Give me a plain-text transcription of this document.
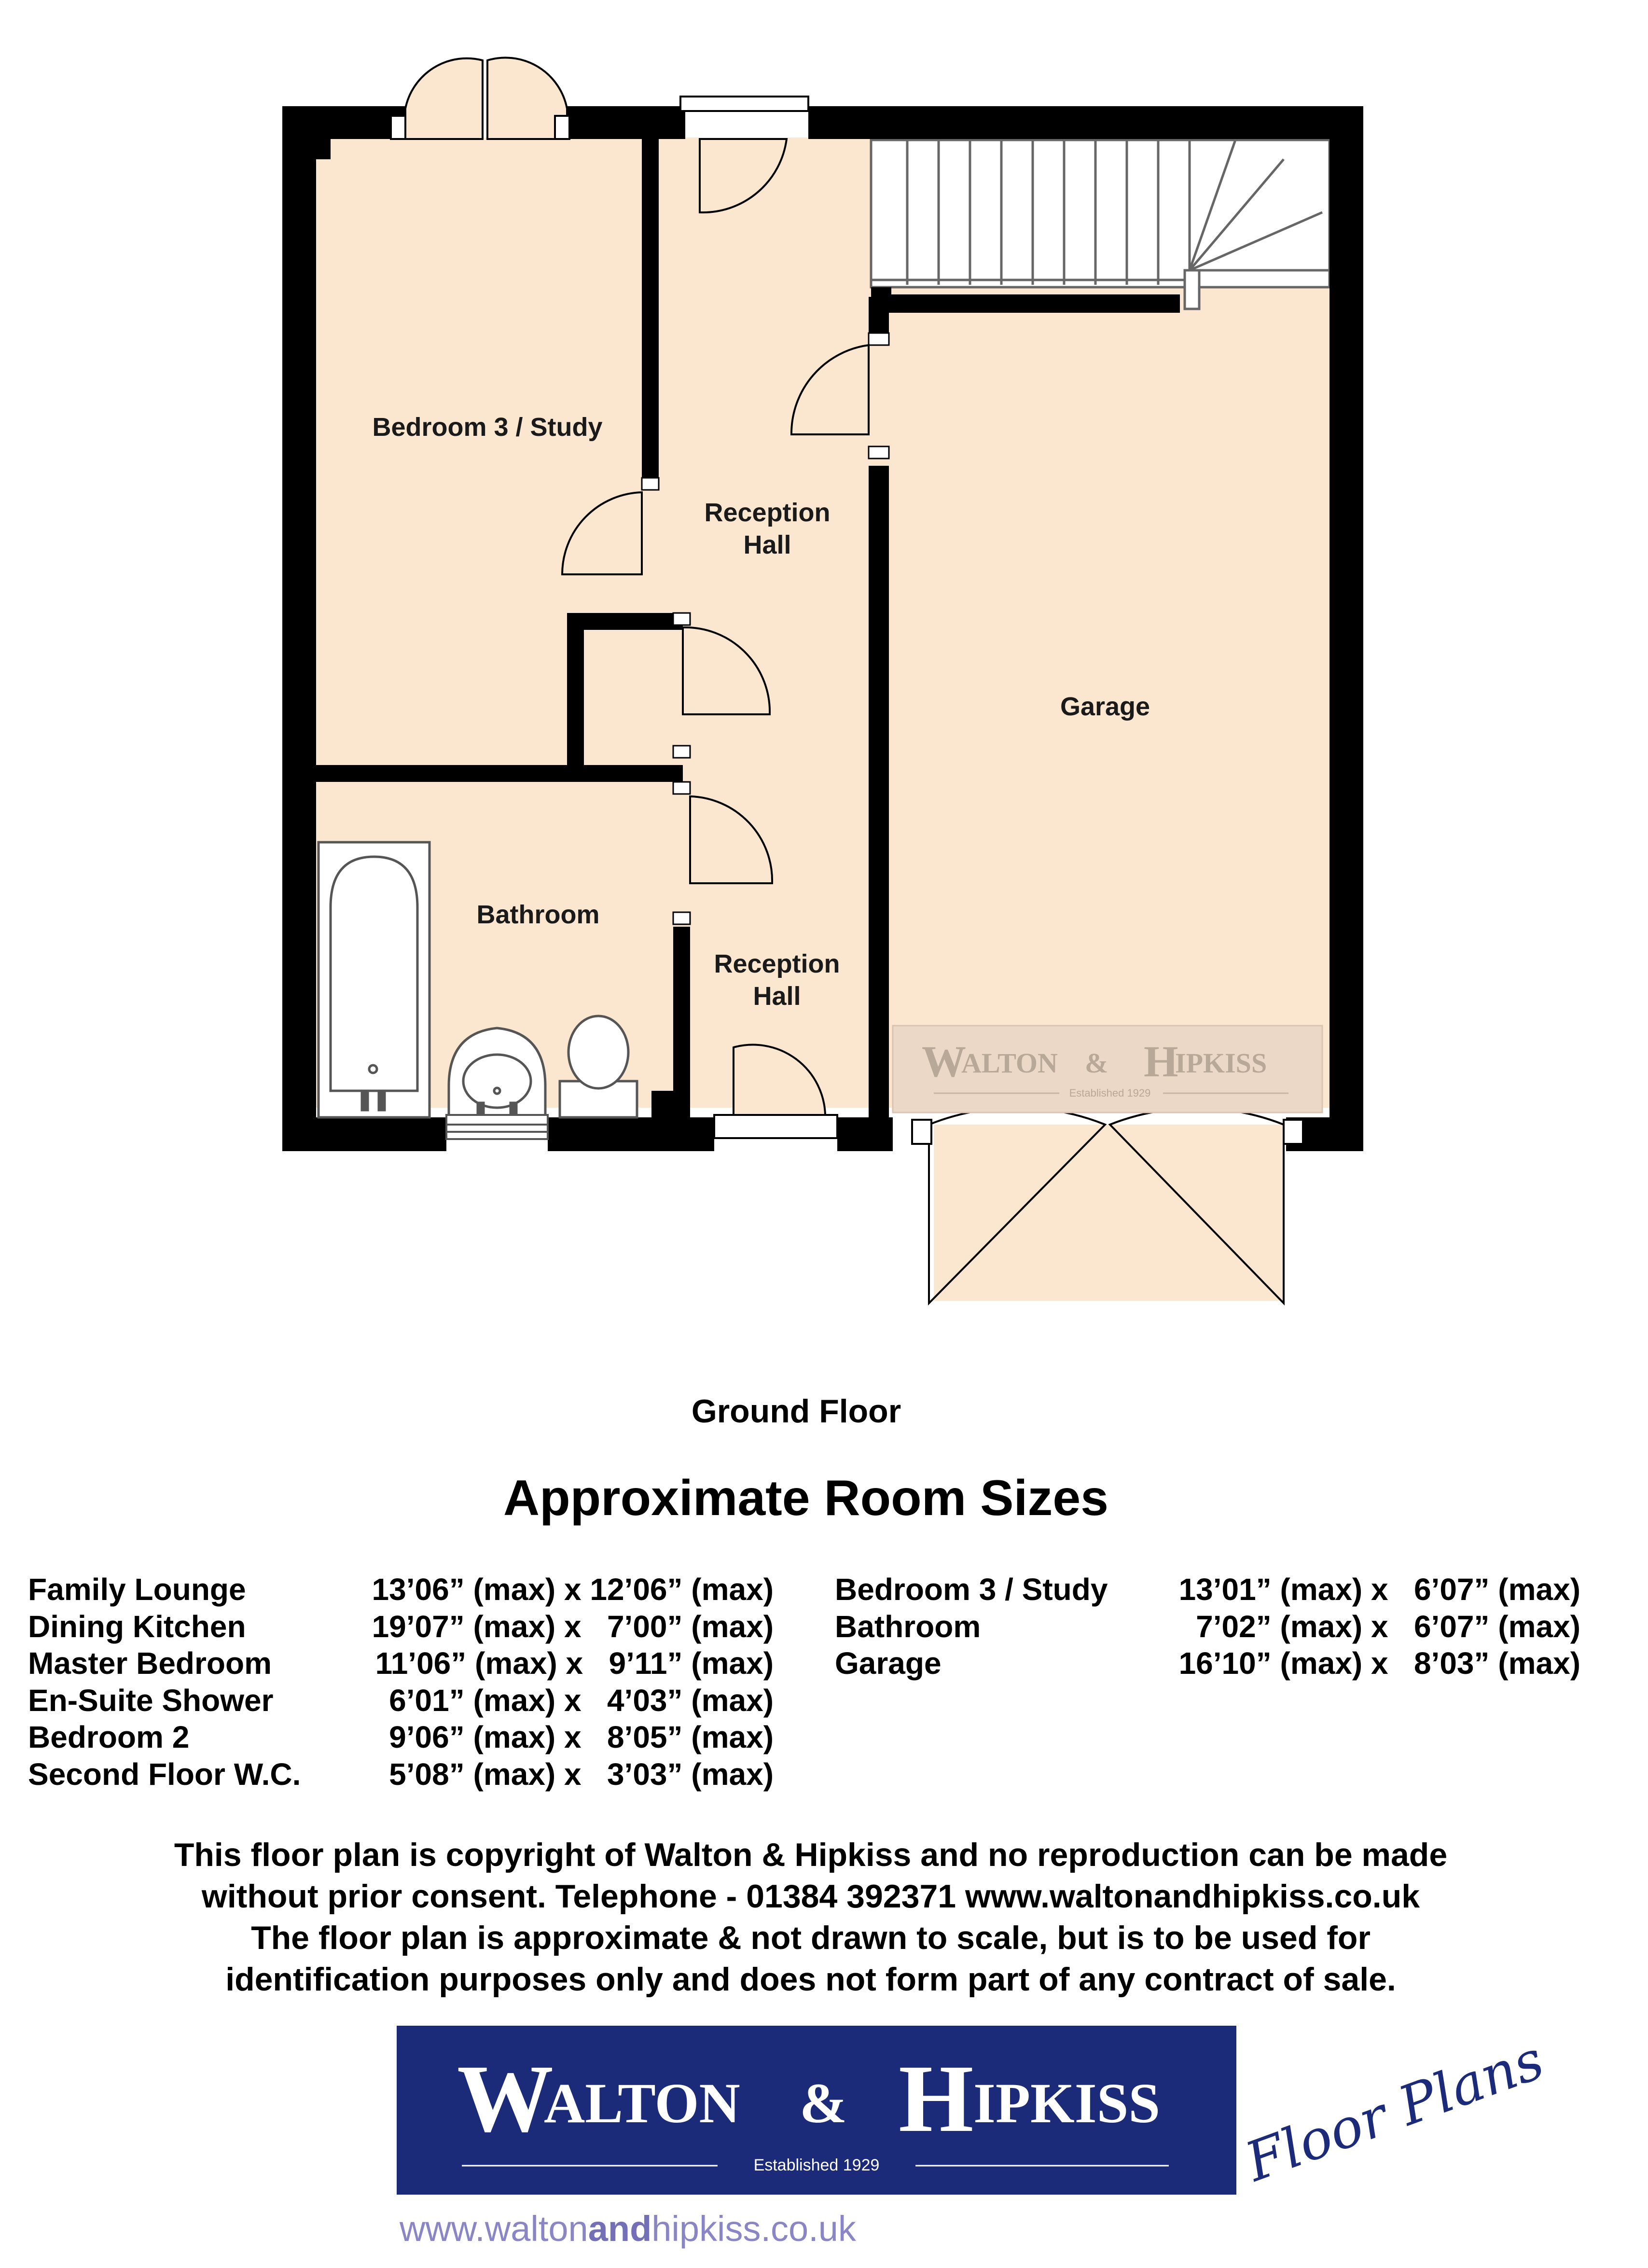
Bedroom 3 / Study
Reception
Hall
Garage
Bathroom
Reception
Hall
W
ALTON & H
IPKISS
Established 1929
Ground Floor
Approximate Room Sizes
Family Lounge	13’06” (max) x 12’06” (max)
Dining Kitchen	19’07” (max) x   7’00” (max)
Master Bedroom	11’06” (max) x   9’11” (max)
En-Suite Shower	6’01” (max) x   4’03” (max)
Bedroom 2	9’06” (max) x   8’05” (max)
Second Floor W.C.	5’08” (max) x   3’03” (max)
Bedroom 3 / Study 13’01” (max) x   6’07” (max)
Bathroom	7’02” (max) x   6’07” (max)
Garage	16’10” (max) x   8’03” (max)
This floor plan is copyright of Walton & Hipkiss and no reproduction can be made
without prior consent. Telephone - 01384 392371 www.waltonandhipkiss.co.uk
The floor plan is approximate & not drawn to scale, but is to be used for
identification purposes only and does not form part of any contract of sale.
W
ALTON & H IPKISS
Established 1929	Floor Plans
www.waltonandhipkiss.co.uk
